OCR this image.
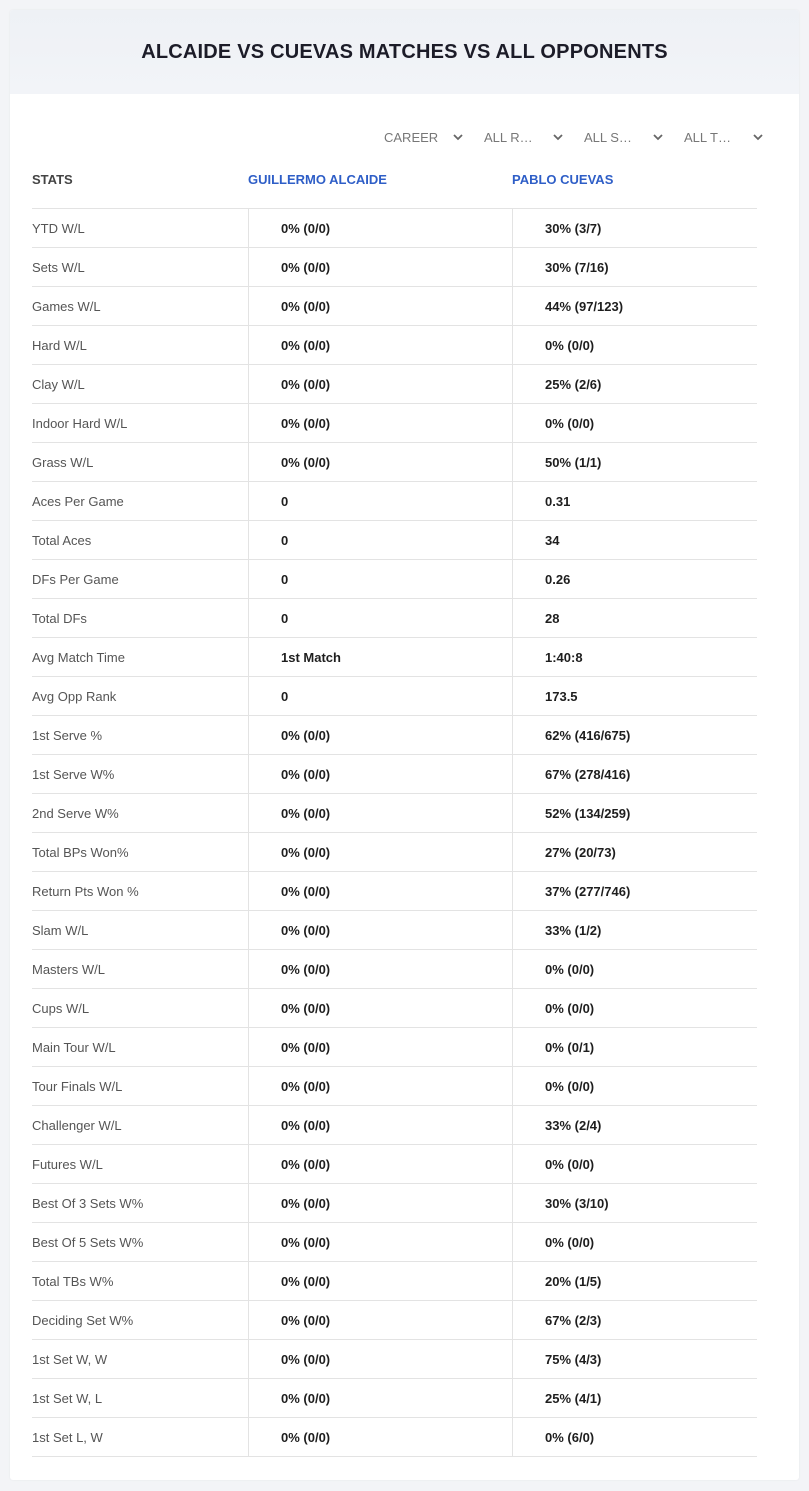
ALCAIDE VS CUEVAS MATCHES VS ALL OPPONENTS
CAREER	ALL R…	ALL S…	ALL T…
STATS	GUILLERMO ALCAIDE	PABLO CUEVAS
YTD W/L	0% (0/0)	30% (3/7)
Sets W/L	0% (0/0)	30% (7/16)
Games W/L	0% (0/0)	44% (97/123)
Hard W/L	0% (0/0)	0% (0/0)
Clay W/L	0% (0/0)	25% (2/6)
Indoor Hard W/L	0% (0/0)	0% (0/0)
Grass W/L	0% (0/0)	50% (1/1)
Aces Per Game	0	0.31
Total Aces	0	34
DFs Per Game	0	0.26
Total DFs	0	28
Avg Match Time	1st Match	1:40:8
Avg Opp Rank	0	173.5
1st Serve %	0% (0/0)	62% (416/675)
1st Serve W%	0% (0/0)	67% (278/416)
2nd Serve W%	0% (0/0)	52% (134/259)
Total BPs Won%	0% (0/0)	27% (20/73)
Return Pts Won %	0% (0/0)	37% (277/746)
Slam W/L	0% (0/0)	33% (1/2)
Masters W/L	0% (0/0)	0% (0/0)
Cups W/L	0% (0/0)	0% (0/0)
Main Tour W/L	0% (0/0)	0% (0/1)
Tour Finals W/L	0% (0/0)	0% (0/0)
Challenger W/L	0% (0/0)	33% (2/4)
Futures W/L	0% (0/0)	0% (0/0)
Best Of 3 Sets W%	0% (0/0)	30% (3/10)
Best Of 5 Sets W%	0% (0/0)	0% (0/0)
Total TBs W%	0% (0/0)	20% (1/5)
Deciding Set W%	0% (0/0)	67% (2/3)
1st Set W, W	0% (0/0)	75% (4/3)
1st Set W, L	0% (0/0)	25% (4/1)
1st Set L, W	0% (0/0)	0% (6/0)
